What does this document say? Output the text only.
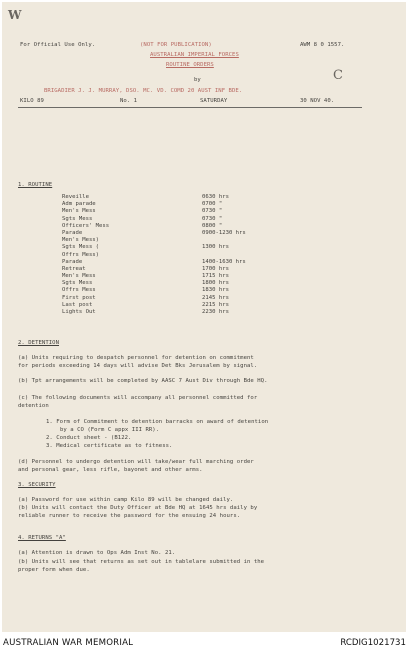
W
C

For Official Use Only.	(NOT FOR PUBLICATION)	AWM 8 0 1557.

AUSTRALIAN IMPERIAL FORCES

ROUTINE ORDERS

by

BRIGADIER J. J. MURRAY, DSO. MC. VD. COMD 20 AUST INF BDE.

KILO 89	No. 1	SATURDAY	30 NOV 40.

1. ROUTINE

Reveille	0630 hrs
Adm parade	0700 "
Men's Mess	0730 "
Sgts Mess	0730 "
Officers' Mess	0800 "
Parade	0900-1230 hrs
Men's Mess)
Sgts Mess (	1300 hrs
Offrs Mess)
Parade	1400-1630 hrs
Retreat	1700 hrs
Men's Mess	1715 hrs
Sgts Mess	1800 hrs
Offrs Mess	1830 hrs
First post	2145 hrs
Last post	2215 hrs
Lights Out	2230 hrs

2. DETENTION

(a) Units requiring to despatch personnel for detention on commitment

for periods exceeding 14 days will advise Det Bks Jerusalem by signal.

(b) Tpt arrangements will be completed by AASC 7 Aust Div through Bde HQ.

(c) The following documents will accompany all personnel committed for

detention

1. Form of Commitment to detention barracks on award of detention

by a CO (Form C appx III RR).

2. Conduct sheet - (B122.

3. Medical certificate as to fitness.

(d) Personnel to undergo detention will take/wear full marching order

and personal gear, less rifle, bayonet and other arms.

3. SECURITY

(a) Password for use within camp Kilo 89 will be changed daily.

(b) Units will contact the Duty Officer at Bde HQ at 1645 hrs daily by

reliable runner to receive the password for the ensuing 24 hours.

4. RETURNS "A"

(a) Attention is drawn to Ops Adm Inst No. 21.

(b) Units will see that returns as set out in tablelare submitted in the

proper form when due.

AUSTRALIAN WAR MEMORIAL	RCDIG1021731
